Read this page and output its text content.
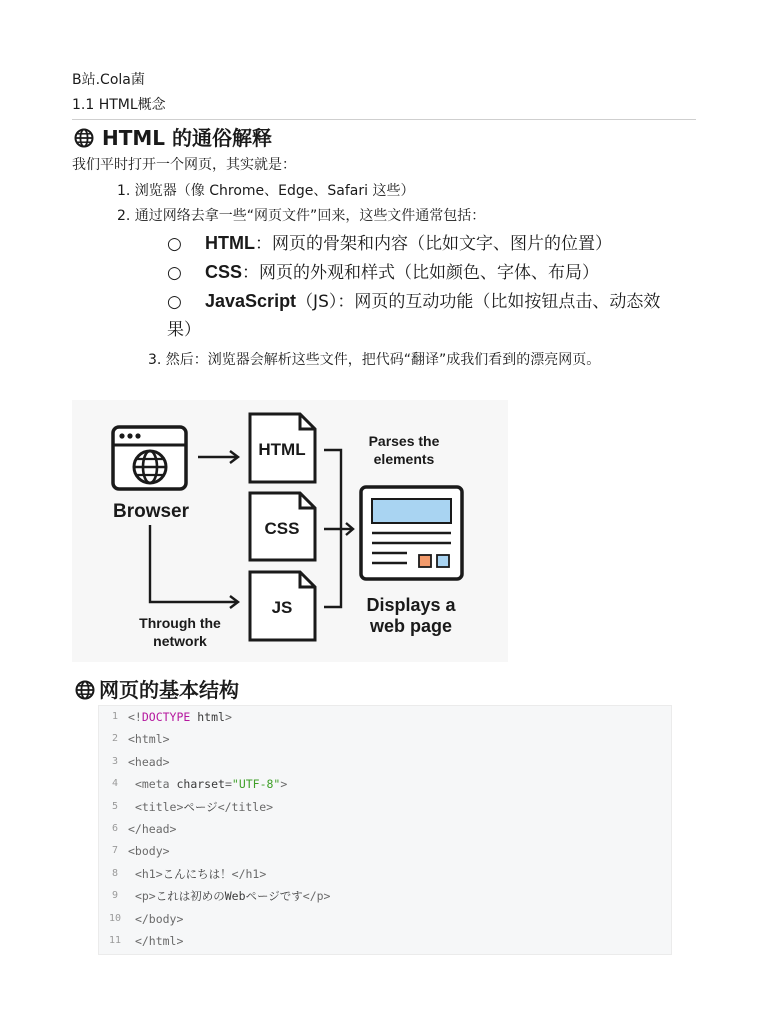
B站.Cola菌
1.1 HTML概念
HTML 的通俗解释
我们平时打开一个网页，其实就是：
1. 浏览器（像 Chrome、Edge、Safari 这些）
2. 通过网络去拿一些“网页文件”回来，这些文件通常包括：
○ HTML：网页的骨架和内容（比如文字、图片的位置）
○ CSS：网页的外观和样式（比如颜色、字体、布局）
○ JavaScript（JS）：网页的互动功能（比如按钮点击、动态效
果）
3. 然后：浏览器会解析这些文件，把代码“翻译”成我们看到的漂亮网页。
Browser
Through the
network
HTML
CSS
JS
Parses the
elements
Displays a
web page
网页的基本结构
1 <!DOCTYPE html>
2 <html>
3 <head>
4	<meta charset="UTF-8">
5	<title>ページ</title>
6 </head>
7 <body>
8	<h1>こんにちは！</h1>
9	<p>これは初めのWebページです</p>
10	</body>
11	</html>
